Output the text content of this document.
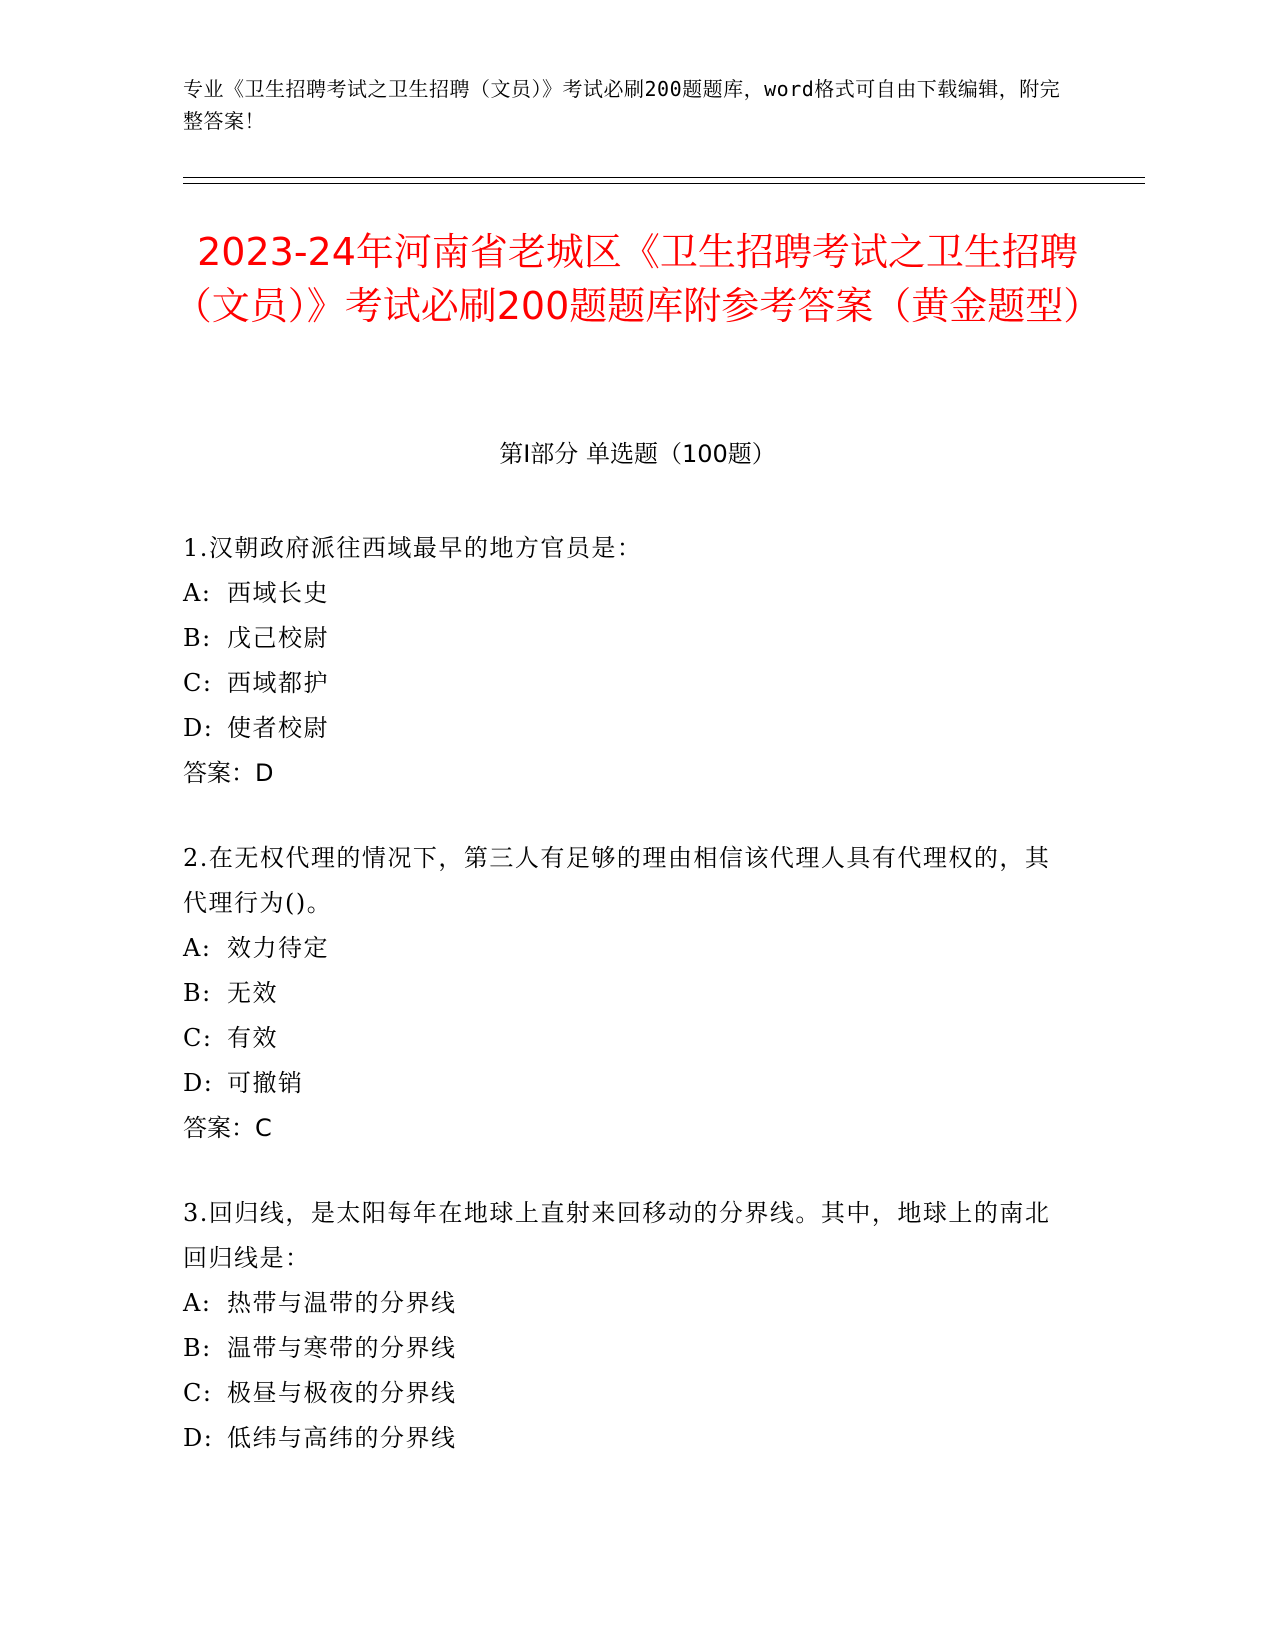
专业《卫生招聘考试之卫生招聘（文员）》考试必刷200题题库，word格式可自由下载编辑，附完整答案！
2023-24年河南省老城区《卫生招聘考试之卫生招聘（文员）》考试必刷200题题库附参考答案（黄金题型）
第Ⅰ部分 单选题（100题）
1.汉朝政府派往西域最早的地方官员是：
A: 西域长史
B: 戊己校尉
C: 西域都护
D: 使者校尉
答案：D
2.在无权代理的情况下，第三人有足够的理由相信该代理人具有代理权的，其代理行为()。
A: 效力待定
B: 无效
C: 有效
D: 可撤销
答案：C
3.回归线，是太阳每年在地球上直射来回移动的分界线。其中，地球上的南北回归线是：
A: 热带与温带的分界线
B: 温带与寒带的分界线
C: 极昼与极夜的分界线
D: 低纬与高纬的分界线
